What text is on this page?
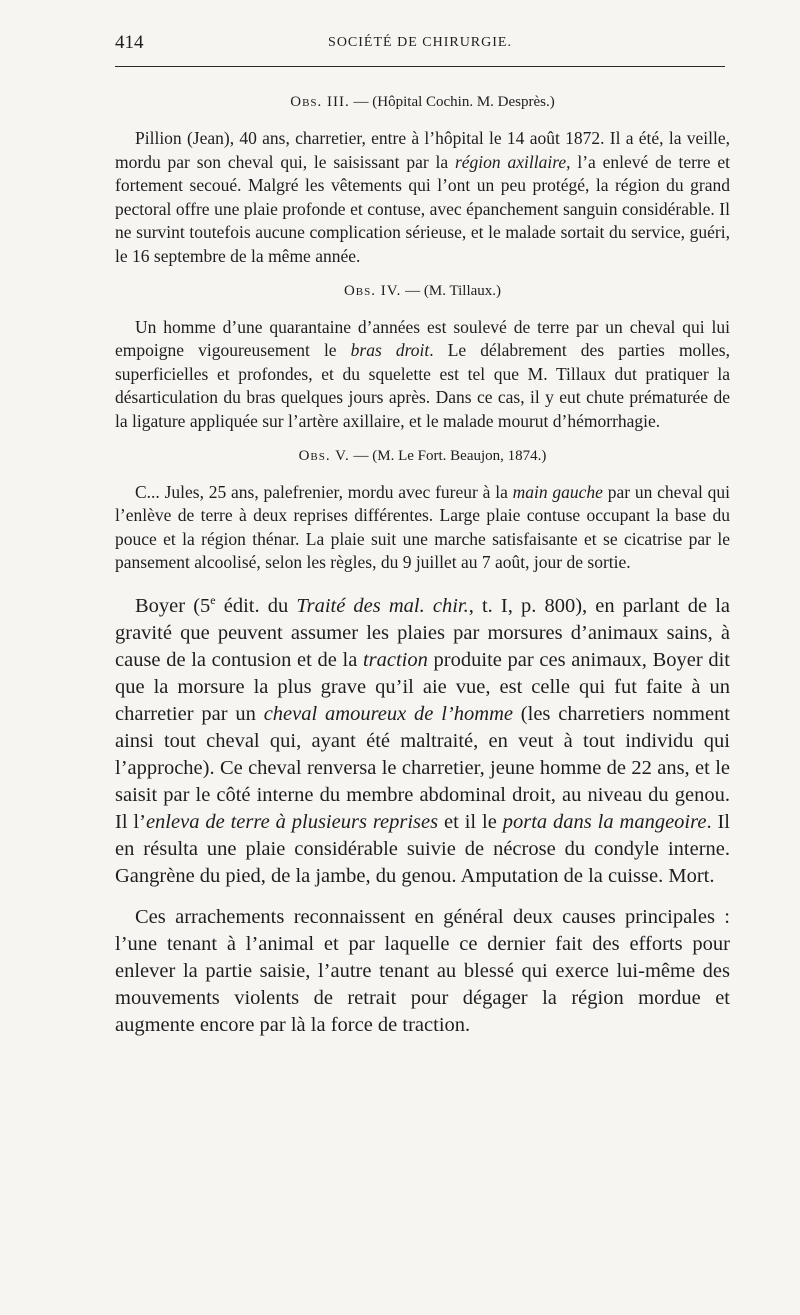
414	SOCIÉTÉ DE CHIRURGIE.
Obs. III. — (Hôpital Cochin. M. Desprès.)

Pillion (Jean), 40 ans, charretier, entre à l’hôpital le 14 août 1872. Il a été, la veille, mordu par son cheval qui, le saisissant par la région axillaire, l’a enlevé de terre et fortement secoué. Malgré les vêtements qui l’ont un peu protégé, la région du grand pectoral offre une plaie profonde et contuse, avec épanchement sanguin considérable. Il ne survint toutefois aucune complication sérieuse, et le malade sortait du service, guéri, le 16 septembre de la même année.

Obs. IV. — (M. Tillaux.)

Un homme d’une quarantaine d’années est soulevé de terre par un cheval qui lui empoigne vigoureusement le bras droit. Le délabrement des parties molles, superficielles et profondes, et du squelette est tel que M. Tillaux dut pratiquer la désarticulation du bras quelques jours après. Dans ce cas, il y eut chute prématurée de la ligature appliquée sur l’artère axillaire, et le malade mourut d’hémorrhagie.

Obs. V. — (M. Le Fort. Beaujon, 1874.)

C... Jules, 25 ans, palefrenier, mordu avec fureur à la main gauche par un cheval qui l’enlève de terre à deux reprises différentes. Large plaie contuse occupant la base du pouce et la région thénar. La plaie suit une marche satisfaisante et se cicatrise par le pansement alcoolisé, selon les règles, du 9 juillet au 7 août, jour de sortie.

Boyer (5e édit. du Traité des mal. chir., t. I, p. 800), en parlant de la gravité que peuvent assumer les plaies par morsures d’animaux sains, à cause de la contusion et de la traction produite par ces animaux, Boyer dit que la morsure la plus grave qu’il aie vue, est celle qui fut faite à un charretier par un cheval amoureux de l’homme (les charretiers nomment ainsi tout cheval qui, ayant été maltraité, en veut à tout individu qui l’approche). Ce cheval renversa le charretier, jeune homme de 22 ans, et le saisit par le côté interne du membre abdominal droit, au niveau du genou. Il l’enleva de terre à plusieurs reprises et il le porta dans la mangeoire. Il en résulta une plaie considérable suivie de nécrose du condyle interne. Gangrène du pied, de la jambe, du genou. Amputation de la cuisse. Mort.

Ces arrachements reconnaissent en général deux causes principales : l’une tenant à l’animal et par laquelle ce dernier fait des efforts pour enlever la partie saisie, l’autre tenant au blessé qui exerce lui-même des mouvements violents de retrait pour dégager la région mordue et augmente encore par là la force de traction.
